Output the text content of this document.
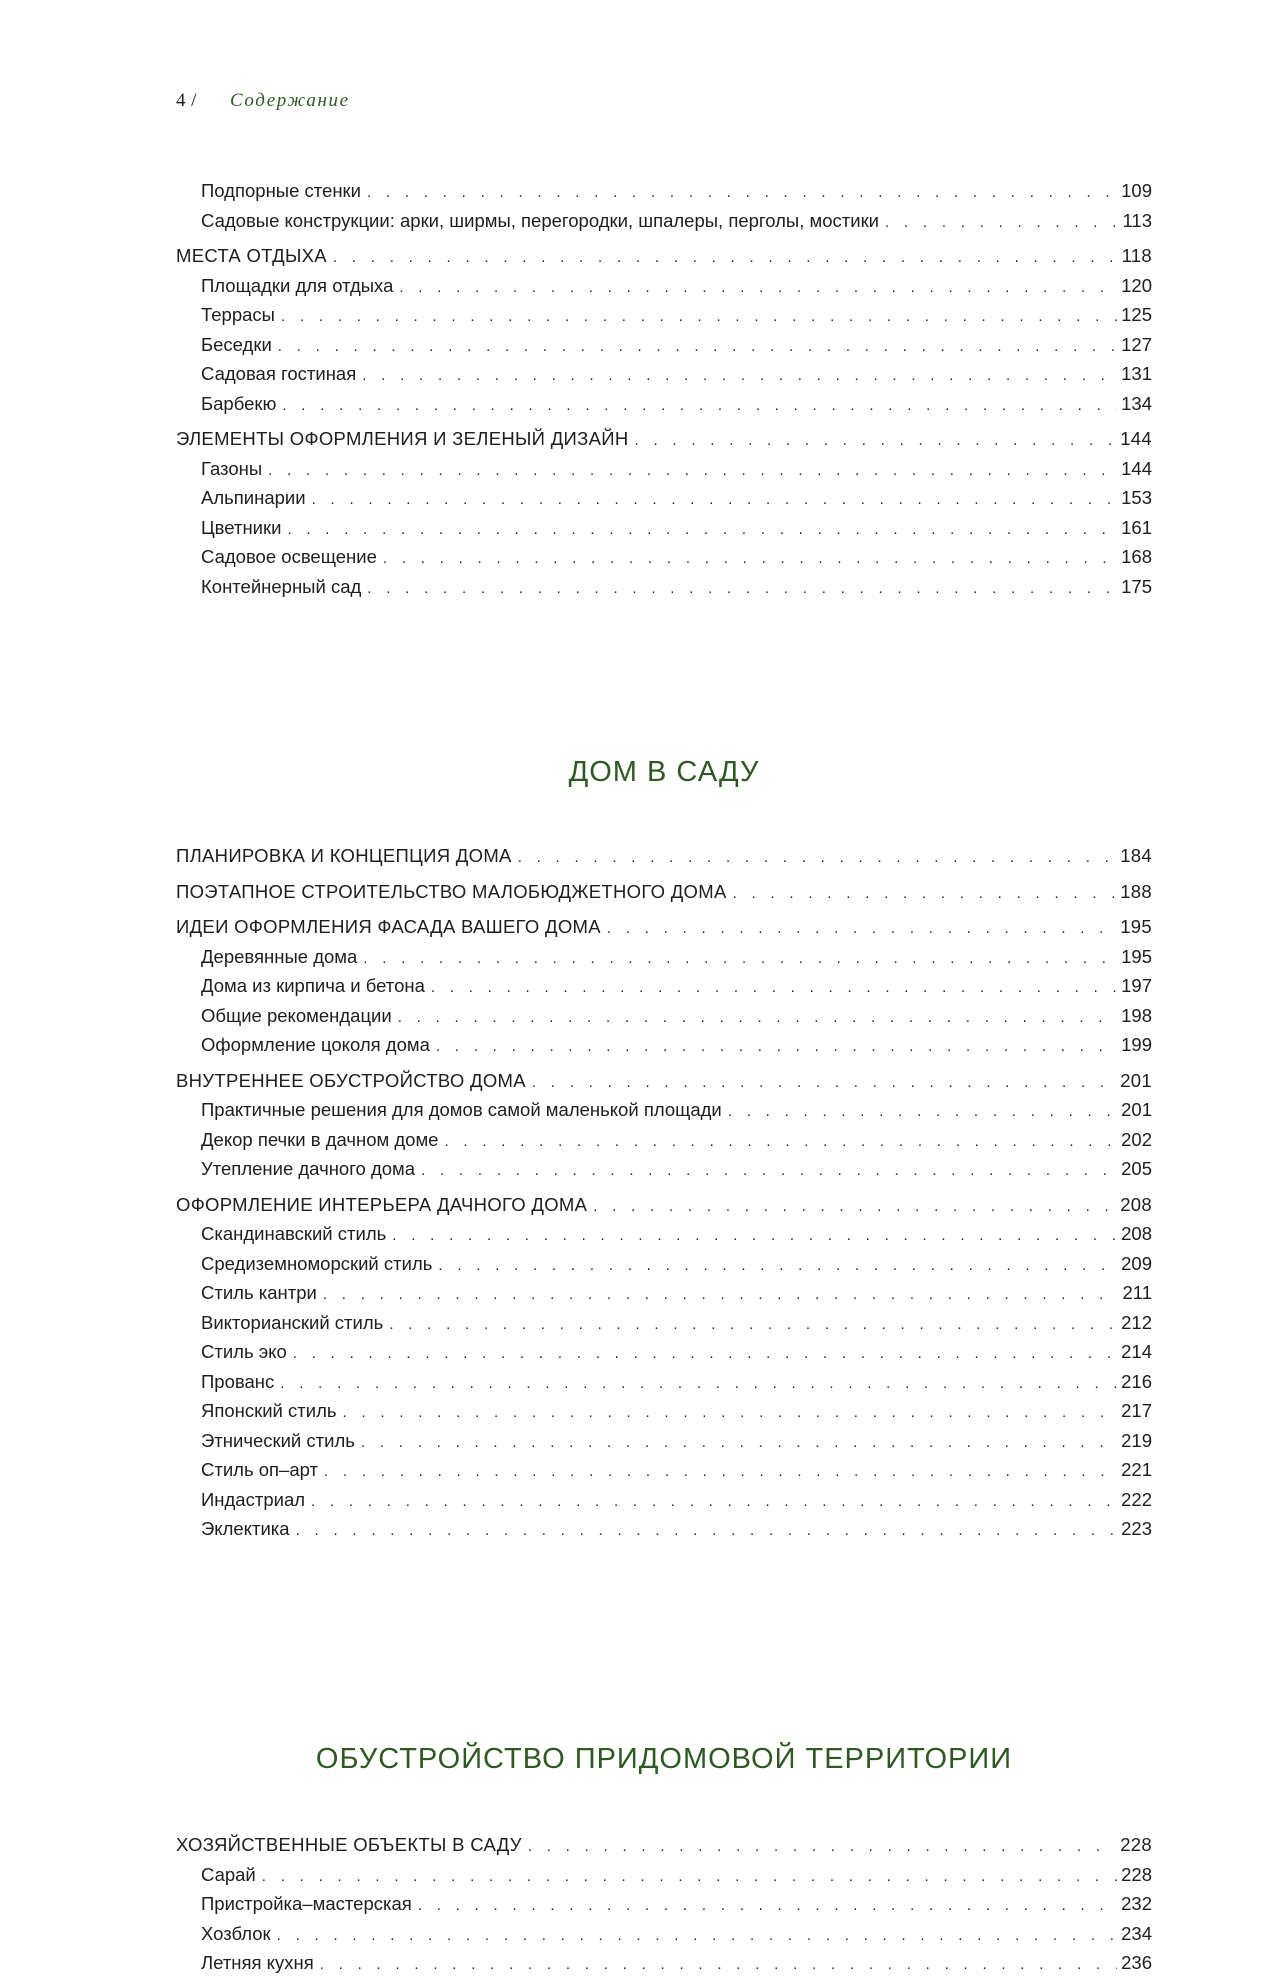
4 / Содержание
Подпорные стенки . . .	109
Садовые конструкции: арки, ширмы, перегородки, шпалеры, перголы, мостики . . .	113
МЕСТА ОТДЫХА . . .	118
Площадки для отдыха . . .	120
Террасы . . .	125
Беседки . . .	127
Садовая гостиная . . .	131
Барбекю . . .	134
ЭЛЕМЕНТЫ ОФОРМЛЕНИЯ И ЗЕЛЕНЫЙ ДИЗАЙН . . .	144
Газоны . . .	144
Альпинарии . . .	153
Цветники . . .	161
Садовое освещение . . .	168
Контейнерный сад . . .	175
ДОМ В САДУ
ПЛАНИРОВКА И КОНЦЕПЦИЯ ДОМА . . .	184
ПОЭТАПНОЕ СТРОИТЕЛЬСТВО МАЛОБЮДЖЕТНОГО ДОМА . . .	188
ИДЕИ ОФОРМЛЕНИЯ ФАСАДА ВАШЕГО ДОМА . . .	195
Деревянные дома . . .	195
Дома из кирпича и бетона . . .	197
Общие рекомендации . . .	198
Оформление цоколя дома . . .	199
ВНУТРЕННЕЕ ОБУСТРОЙСТВО ДОМА . . .	201
Практичные решения для домов самой маленькой площади . . .	201
Декор печки в дачном доме . . .	202
Утепление дачного дома . . .	205
ОФОРМЛЕНИЕ ИНТЕРЬЕРА ДАЧНОГО ДОМА . . .	208
Скандинавский стиль . . .	208
Средиземноморский стиль . . .	209
Стиль кантри . . .	211
Викторианский стиль . . .	212
Стиль эко . . .	214
Прованс . . .	216
Японский стиль . . .	217
Этнический стиль . . .	219
Стиль оп–арт . . .	221
Индастриал . . .	222
Эклектика . . .	223
ОБУСТРОЙСТВО ПРИДОМОВОЙ ТЕРРИТОРИИ
ХОЗЯЙСТВЕННЫЕ ОБЪЕКТЫ В САДУ . . .	228
Сарай . . .	228
Пристройка–мастерская . . .	232
Хозблок . . .	234
Летняя кухня . . .	236
